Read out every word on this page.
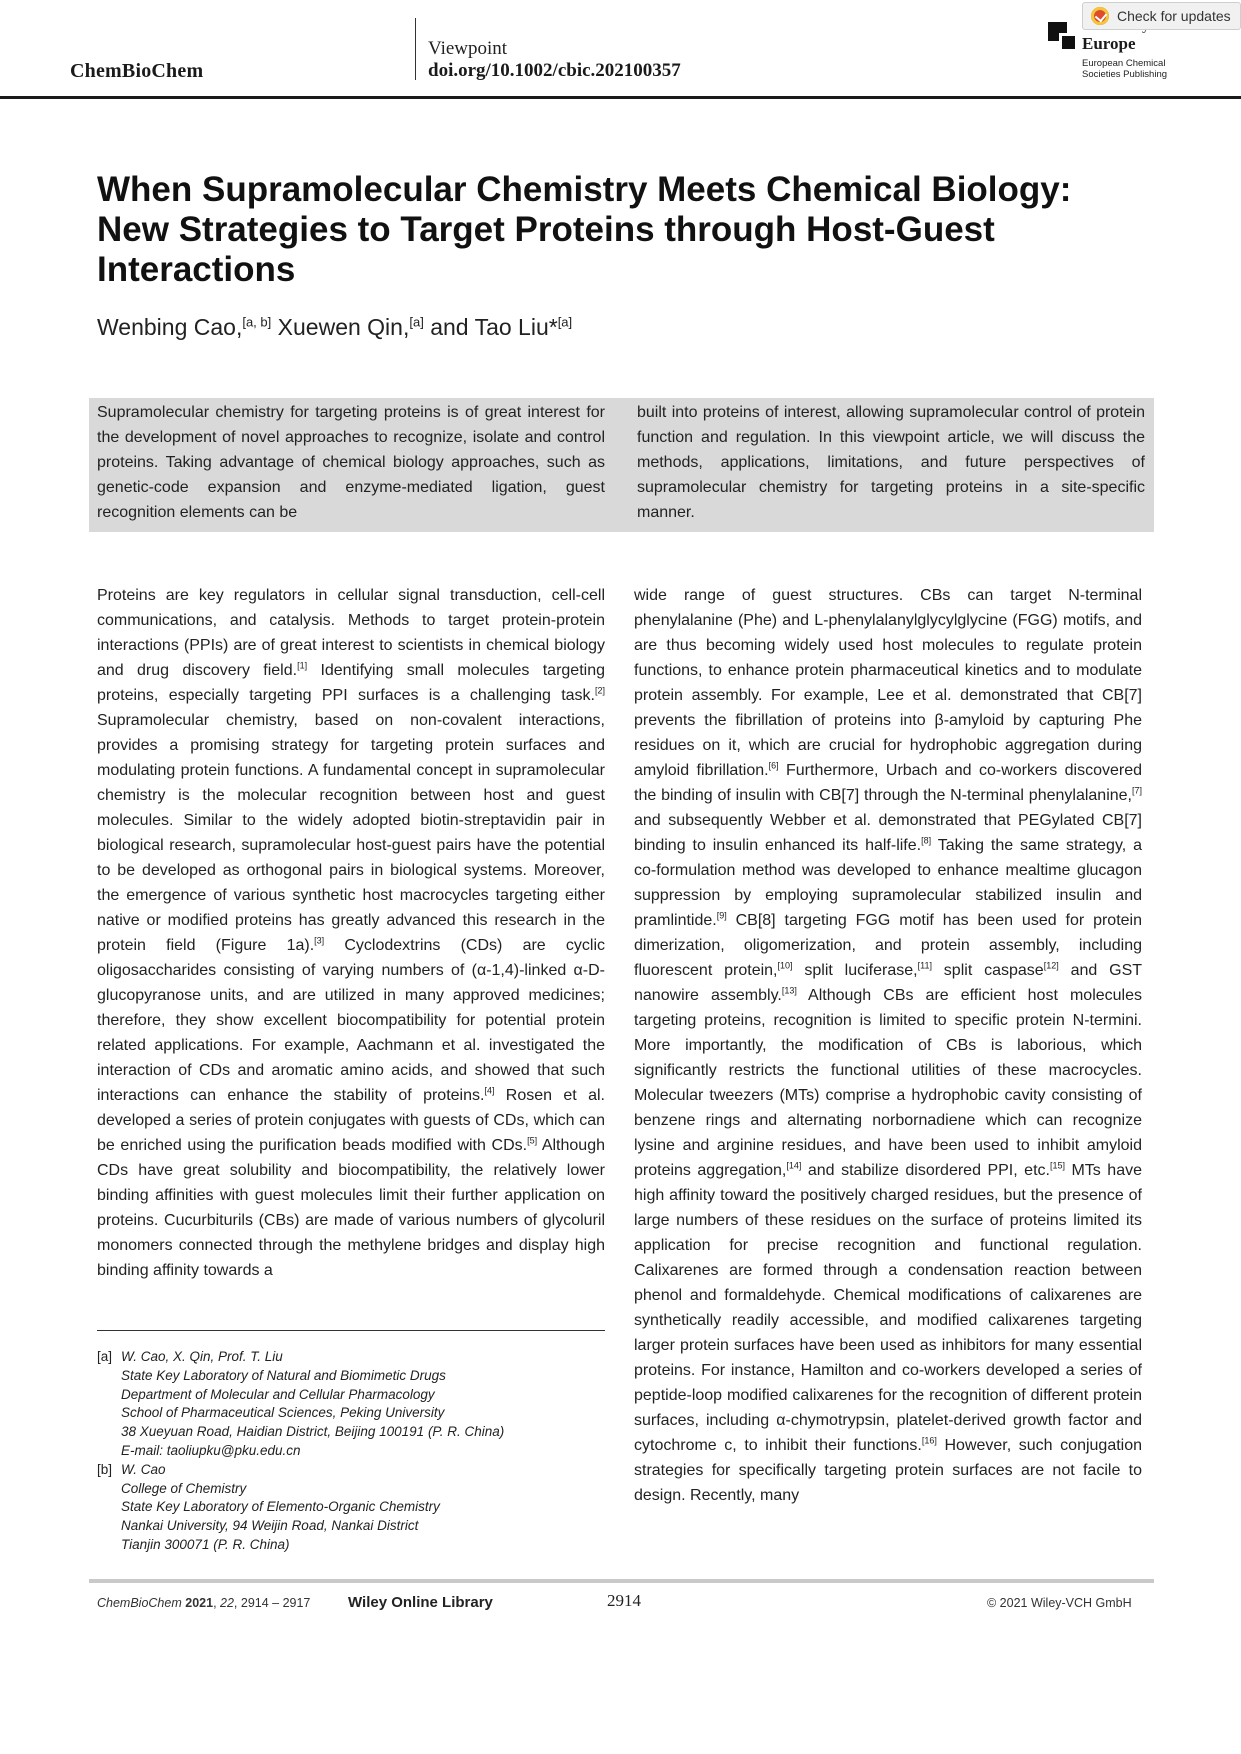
ChemBioChem
Viewpoint
doi.org/10.1002/cbic.202100357
Europe
European Chemical
Societies Publishing
Check for updates
When Supramolecular Chemistry Meets Chemical Biology:
New Strategies to Target Proteins through Host-Guest
Interactions
Wenbing Cao,[a, b] Xuewen Qin,[a] and Tao Liu*[a]
Supramolecular chemistry for targeting proteins is of great interest for the development of novel approaches to recognize, isolate and control proteins. Taking advantage of chemical biology approaches, such as genetic-code expansion and enzyme-mediated ligation, guest recognition elements can be
built into proteins of interest, allowing supramolecular control of protein function and regulation. In this viewpoint article, we will discuss the methods, applications, limitations, and future perspectives of supramolecular chemistry for targeting proteins in a site-specific manner.

Proteins are key regulators in cellular signal transduction, cell-cell communications, and catalysis. Methods to target protein-protein interactions (PPIs) are of great interest to scientists in chemical biology and drug discovery field.[1] Identifying small molecules targeting proteins, especially targeting PPI surfaces is a challenging task.[2] Supramolecular chemistry, based on non-covalent interactions, provides a promising strategy for targeting protein surfaces and modulating protein functions. A fundamental concept in supramolecular chemistry is the molecular recognition between host and guest molecules. Similar to the widely adopted biotin-streptavidin pair in biological research, supramolecular host-guest pairs have the potential to be developed as orthogonal pairs in biological systems. Moreover, the emergence of various synthetic host macrocycles targeting either native or modified proteins has greatly advanced this research in the protein field (Figure 1a).[3] Cyclodextrins (CDs) are cyclic oligosaccharides consisting of varying numbers of (α-1,4)-linked α-D-glucopyranose units, and are utilized in many approved medicines; therefore, they show excellent biocompatibility for potential protein related applications. For example, Aachmann et al. investigated the interaction of CDs and aromatic amino acids, and showed that such interactions can enhance the stability of proteins.[4] Rosen et al. developed a series of protein conjugates with guests of CDs, which can be enriched using the purification beads modified with CDs.[5] Although CDs have great solubility and biocompatibility, the relatively lower binding affinities with guest molecules limit their further application on proteins. Cucurbiturils (CBs) are made of various numbers of glycoluril monomers connected through the methylene bridges and display high binding affinity towards a

wide range of guest structures. CBs can target N-terminal phenylalanine (Phe) and L-phenylalanylglycylglycine (FGG) motifs, and are thus becoming widely used host molecules to regulate protein functions, to enhance protein pharmaceutical kinetics and to modulate protein assembly. For example, Lee et al. demonstrated that CB[7] prevents the fibrillation of proteins into β-amyloid by capturing Phe residues on it, which are crucial for hydrophobic aggregation during amyloid fibrillation.[6] Furthermore, Urbach and co-workers discovered the binding of insulin with CB[7] through the N-terminal phenylalanine,[7] and subsequently Webber et al. demonstrated that PEGylated CB[7] binding to insulin enhanced its half-life.[8] Taking the same strategy, a co-formulation method was developed to enhance mealtime glucagon suppression by employing supramolecular stabilized insulin and pramlintide.[9] CB[8] targeting FGG motif has been used for protein dimerization, oligomerization, and protein assembly, including fluorescent protein,[10] split luciferase,[11] split caspase[12] and GST nanowire assembly.[13] Although CBs are efficient host molecules targeting proteins, recognition is limited to specific protein N-termini. More importantly, the modification of CBs is laborious, which significantly restricts the functional utilities of these macrocycles. Molecular tweezers (MTs) comprise a hydrophobic cavity consisting of benzene rings and alternating norbornadiene which can recognize lysine and arginine residues, and have been used to inhibit amyloid proteins aggregation,[14] and stabilize disordered PPI, etc.[15] MTs have high affinity toward the positively charged residues, but the presence of large numbers of these residues on the surface of proteins limited its application for precise recognition and functional regulation. Calixarenes are formed through a condensation reaction between phenol and formaldehyde. Chemical modifications of calixarenes are synthetically readily accessible, and modified calixarenes targeting larger protein surfaces have been used as inhibitors for many essential proteins. For instance, Hamilton and co-workers developed a series of peptide-loop modified calixarenes for the recognition of different protein surfaces, including α-chymotrypsin, platelet-derived growth factor and cytochrome c, to inhibit their functions.[16] However, such conjugation strategies for specifically targeting protein surfaces are not facile to design. Recently, many

[a] W. Cao, X. Qin, Prof. T. Liu
State Key Laboratory of Natural and Biomimetic Drugs
Department of Molecular and Cellular Pharmacology
School of Pharmaceutical Sciences, Peking University
38 Xueyuan Road, Haidian District, Beijing 100191 (P. R. China)
E-mail: taoliupku@pku.edu.cn
[b] W. Cao
College of Chemistry
State Key Laboratory of Elemento-Organic Chemistry
Nankai University, 94 Weijin Road, Nankai District
Tianjin 300071 (P. R. China)
ChemBioChem 2021, 22, 2914 – 2917	Wiley Online Library	2914	© 2021 Wiley-VCH GmbH
